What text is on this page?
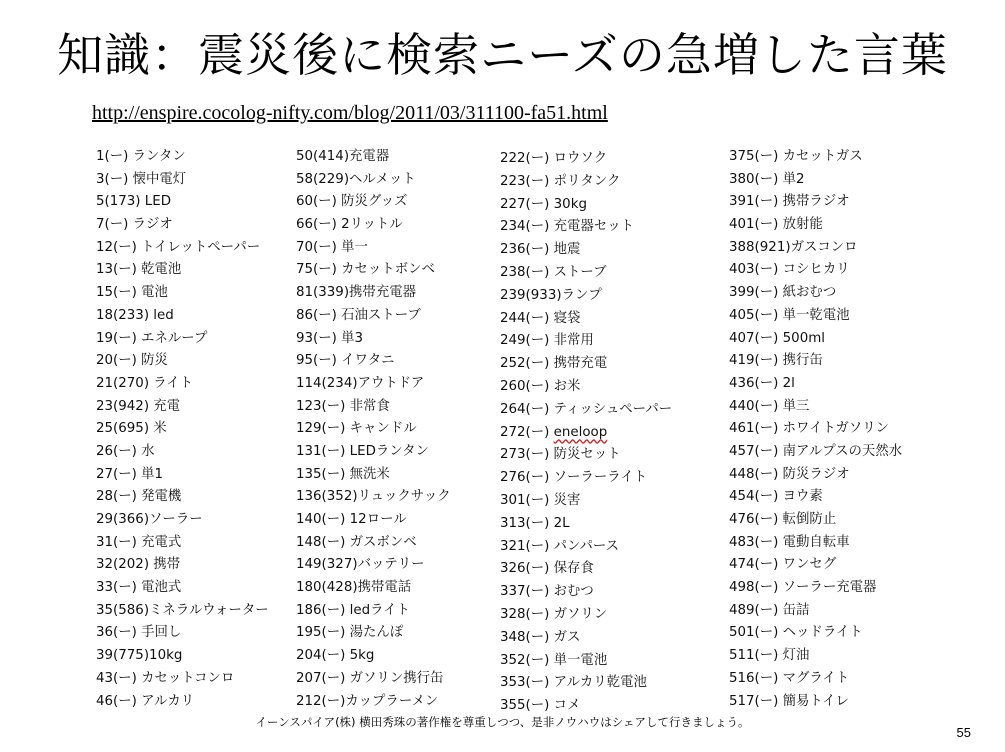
知識：震災後に検索ニーズの急増した言葉
http://enspire.cocolog-nifty.com/blog/2011/03/311100-fa51.html
1(ー) ランタン
3(ー) 懐中電灯
5(173) LED
7(ー) ラジオ
12(ー) トイレットペーパー
13(ー) 乾電池
15(ー) 電池
18(233) led
19(ー) エネループ
20(ー) 防災
21(270) ライト
23(942) 充電
25(695) 米
26(ー) 水
27(ー) 単1
28(ー) 発電機
29(366)ソーラー
31(ー) 充電式
32(202) 携帯
33(ー) 電池式
35(586)ミネラルウォーター
36(ー) 手回し
39(775)10kg
43(ー) カセットコンロ
46(ー) アルカリ
50(414)充電器
58(229)ヘルメット
60(ー) 防災グッズ
66(ー) 2リットル
70(ー) 単一
75(ー) カセットボンベ
81(339)携帯充電器
86(ー) 石油ストーブ
93(ー) 単3
95(ー) イワタニ
114(234)アウトドア
123(ー) 非常食
129(ー) キャンドル
131(ー) LEDランタン
135(ー) 無洗米
136(352)リュックサック
140(ー) 12ロール
148(ー) ガスボンベ
149(327)バッテリー
180(428)携帯電話
186(ー) ledライト
195(ー) 湯たんぽ
204(ー) 5kg
207(ー) ガソリン携行缶
212(ー)カップラーメン
222(ー) ロウソク
223(ー) ポリタンク
227(ー) 30kg
234(ー) 充電器セット
236(ー) 地震
238(ー) ストーブ
239(933)ランプ
244(ー) 寝袋
249(ー) 非常用
252(ー) 携帯充電
260(ー) お米
264(ー) ティッシュペーパー
272(ー) eneloop
273(ー) 防災セット
276(ー) ソーラーライト
301(ー) 災害
313(ー) 2L
321(ー) パンパース
326(ー) 保存食
337(ー) おむつ
328(ー) ガソリン
348(ー) ガス
352(ー) 単一電池
353(ー) アルカリ乾電池
355(ー) コメ
375(ー) カセットガス
380(ー) 単2
391(ー) 携帯ラジオ
401(ー) 放射能
388(921)ガスコンロ
403(ー) コシヒカリ
399(ー) 紙おむつ
405(ー) 単一乾電池
407(ー) 500ml
419(ー) 携行缶
436(ー) 2l
440(ー) 単三
461(ー) ホワイトガソリン
457(ー) 南アルプスの天然水
448(ー) 防災ラジオ
454(ー) ヨウ素
476(ー) 転倒防止
483(ー) 電動自転車
474(ー) ワンセグ
498(ー) ソーラー充電器
489(ー) 缶詰
501(ー) ヘッドライト
511(ー) 灯油
516(ー) マグライト
517(ー) 簡易トイレ
イーンスパイア(株) 横田秀珠の著作権を尊重しつつ、是非ノウハウはシェアして行きましょう。
55
